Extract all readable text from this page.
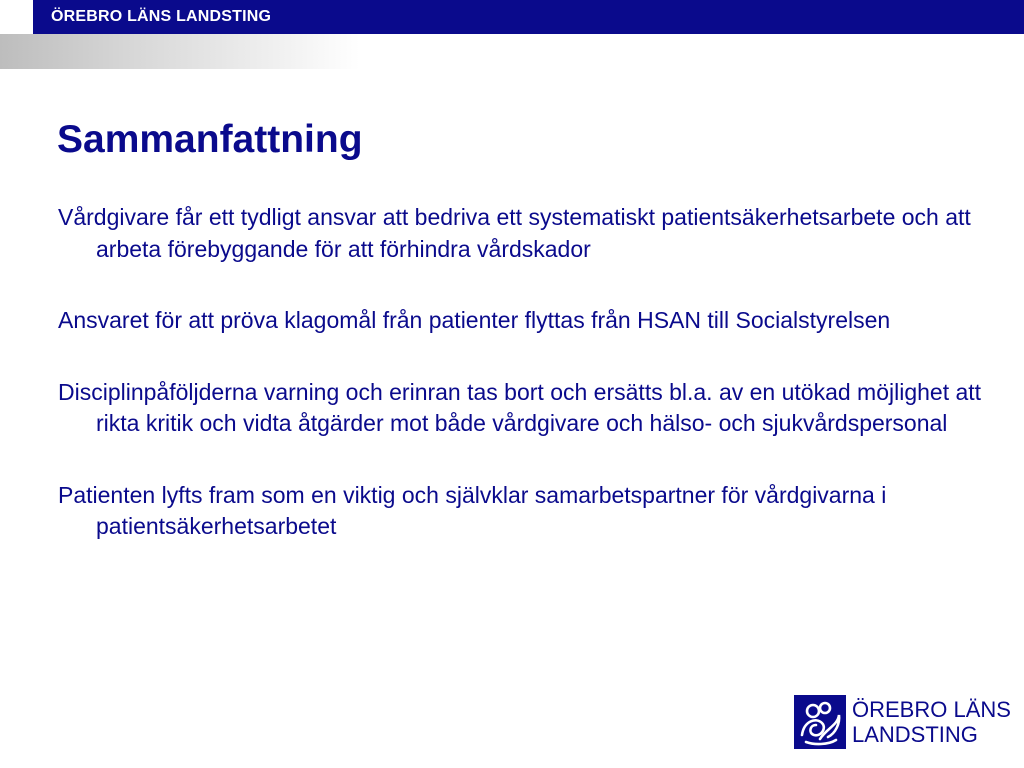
ÖREBRO LÄNS LANDSTING
Sammanfattning
Vårdgivare får ett tydligt ansvar att bedriva ett systematiskt patientsäkerhetsarbete och att arbeta förebyggande för att förhindra vårdskador
Ansvaret för att pröva klagomål från patienter flyttas från HSAN till Socialstyrelsen
Disciplinpåföljderna varning och erinran tas bort och ersätts bl.a. av en utökad möjlighet att rikta kritik och vidta åtgärder mot både vårdgivare och hälso- och sjukvårdspersonal
Patienten lyfts fram som en viktig och självklar samarbetspartner för vårdgivarna i patientsäkerhetsarbetet
ÖREBRO LÄNS
LANDSTING
